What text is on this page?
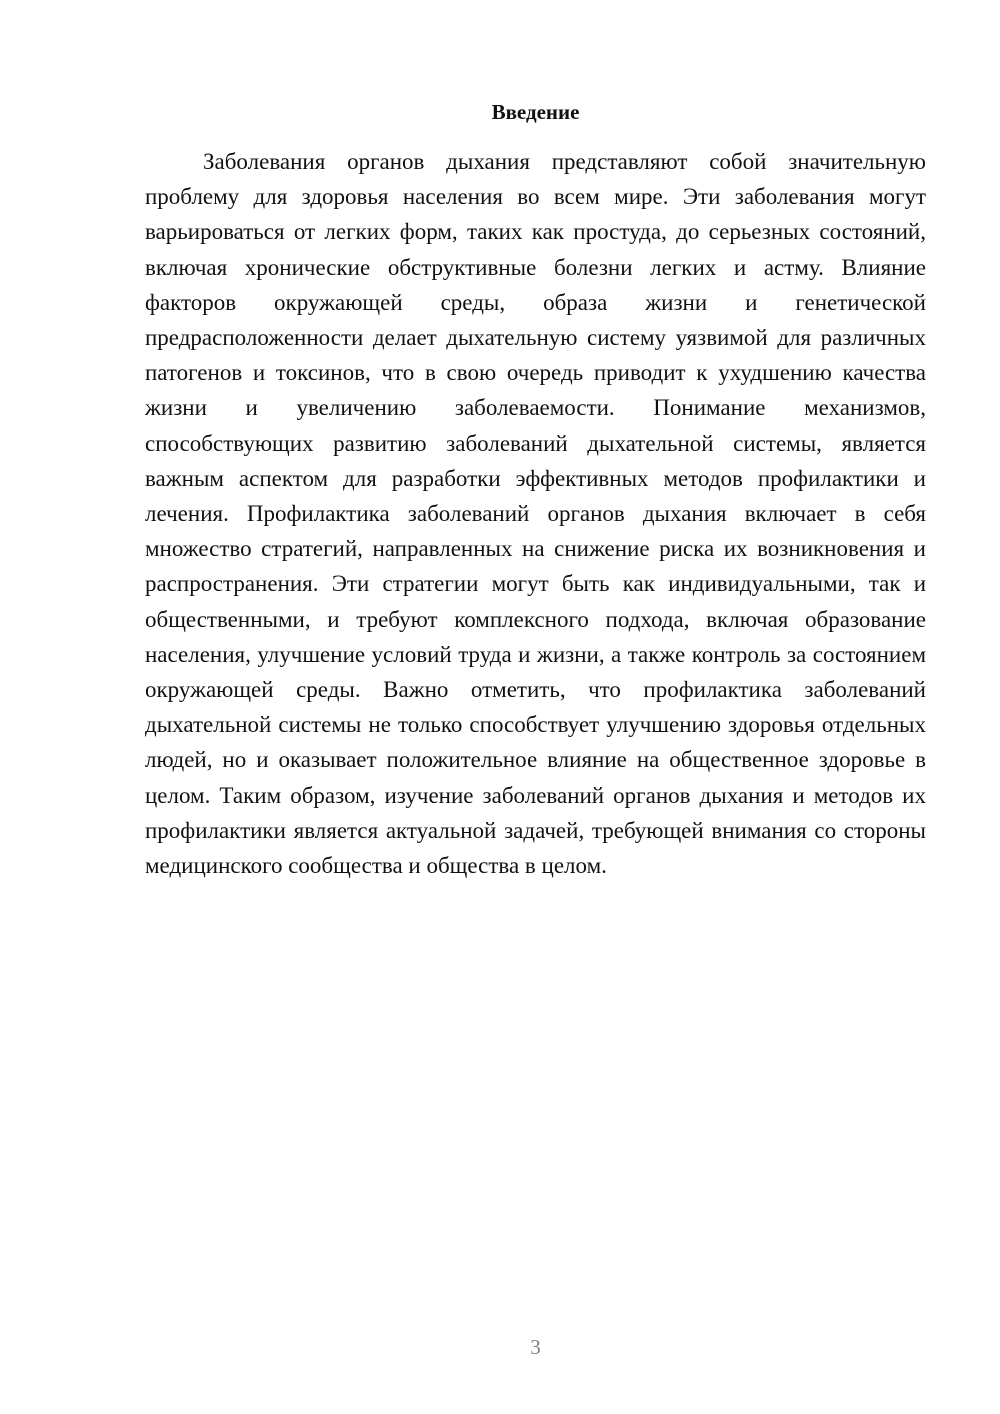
Введение

Заболевания органов дыхания представляют собой значительную проблему для здоровья населения во всем мире. Эти заболевания могут варьироваться от легких форм, таких как простуда, до серьезных состояний, включая хронические обструктивные болезни легких и астму. Влияние факторов окружающей среды, образа жизни и генетической предрасположенности делает дыхательную систему уязвимой для различных патогенов и токсинов, что в свою очередь приводит к ухудшению качества жизни и увеличению заболеваемости. Понимание механизмов, способствующих развитию заболеваний дыхательной системы, является важным аспектом для разработки эффективных методов профилактики и лечения. Профилактика заболеваний органов дыхания включает в себя множество стратегий, направленных на снижение риска их возникновения и распространения. Эти стратегии могут быть как индивидуальными, так и общественными, и требуют комплексного подхода, включая образование населения, улучшение условий труда и жизни, а также контроль за состоянием окружающей среды. Важно отметить, что профилактика заболеваний дыхательной системы не только способствует улучшению здоровья отдельных людей, но и оказывает положительное влияние на общественное здоровье в целом. Таким образом, изучение заболеваний органов дыхания и методов их профилактики является актуальной задачей, требующей внимания со стороны медицинского сообщества и общества в целом.

3
